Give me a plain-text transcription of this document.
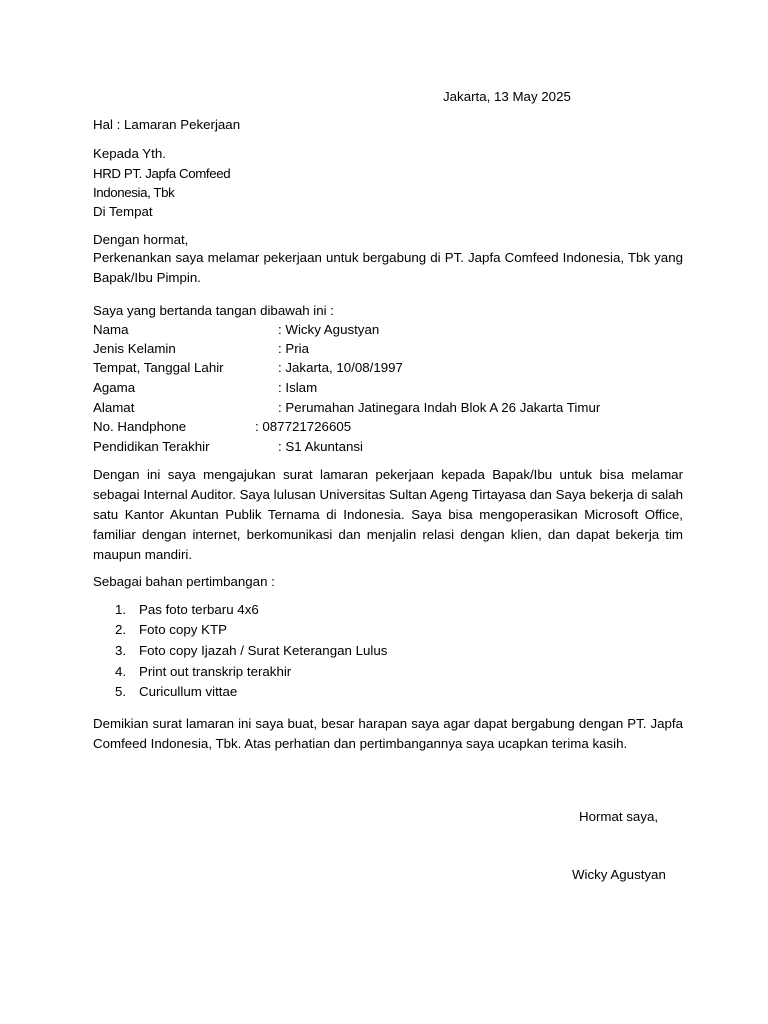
Jakarta, 13 May 2025
Hal : Lamaran Pekerjaan
Kepada Yth.
HRD PT. Japfa Comfeed
Indonesia, Tbk
Di Tempat
Dengan hormat,
Perkenankan saya melamar pekerjaan untuk bergabung di PT. Japfa Comfeed Indonesia, Tbk yang Bapak/Ibu Pimpin.
Saya yang bertanda tangan dibawah ini :
Nama	: Wicky Agustyan
Jenis Kelamin	: Pria
Tempat, Tanggal Lahir	: Jakarta, 10/08/1997
Agama	: Islam
Alamat	: Perumahan Jatinegara Indah Blok A 26 Jakarta Timur
No. Handphone	: 087721726605
Pendidikan Terakhir	: S1 Akuntansi
Dengan ini saya mengajukan surat lamaran pekerjaan kepada Bapak/Ibu untuk bisa melamar sebagai Internal Auditor. Saya lulusan Universitas Sultan Ageng Tirtayasa dan Saya bekerja di salah satu Kantor Akuntan Publik Ternama di Indonesia. Saya bisa mengoperasikan Microsoft Office, familiar dengan internet, berkomunikasi dan menjalin relasi dengan klien, dan dapat bekerja tim maupun mandiri.
Sebagai bahan pertimbangan :
1. Pas foto terbaru 4x6
2. Foto copy KTP
3. Foto copy Ijazah / Surat Keterangan Lulus
4. Print out transkrip terakhir
5. Curicullum vittae
Demikian surat lamaran ini saya buat, besar harapan saya agar dapat bergabung dengan PT. Japfa Comfeed Indonesia, Tbk. Atas perhatian dan pertimbangannya saya ucapkan terima kasih.
Hormat saya,
Wicky Agustyan
